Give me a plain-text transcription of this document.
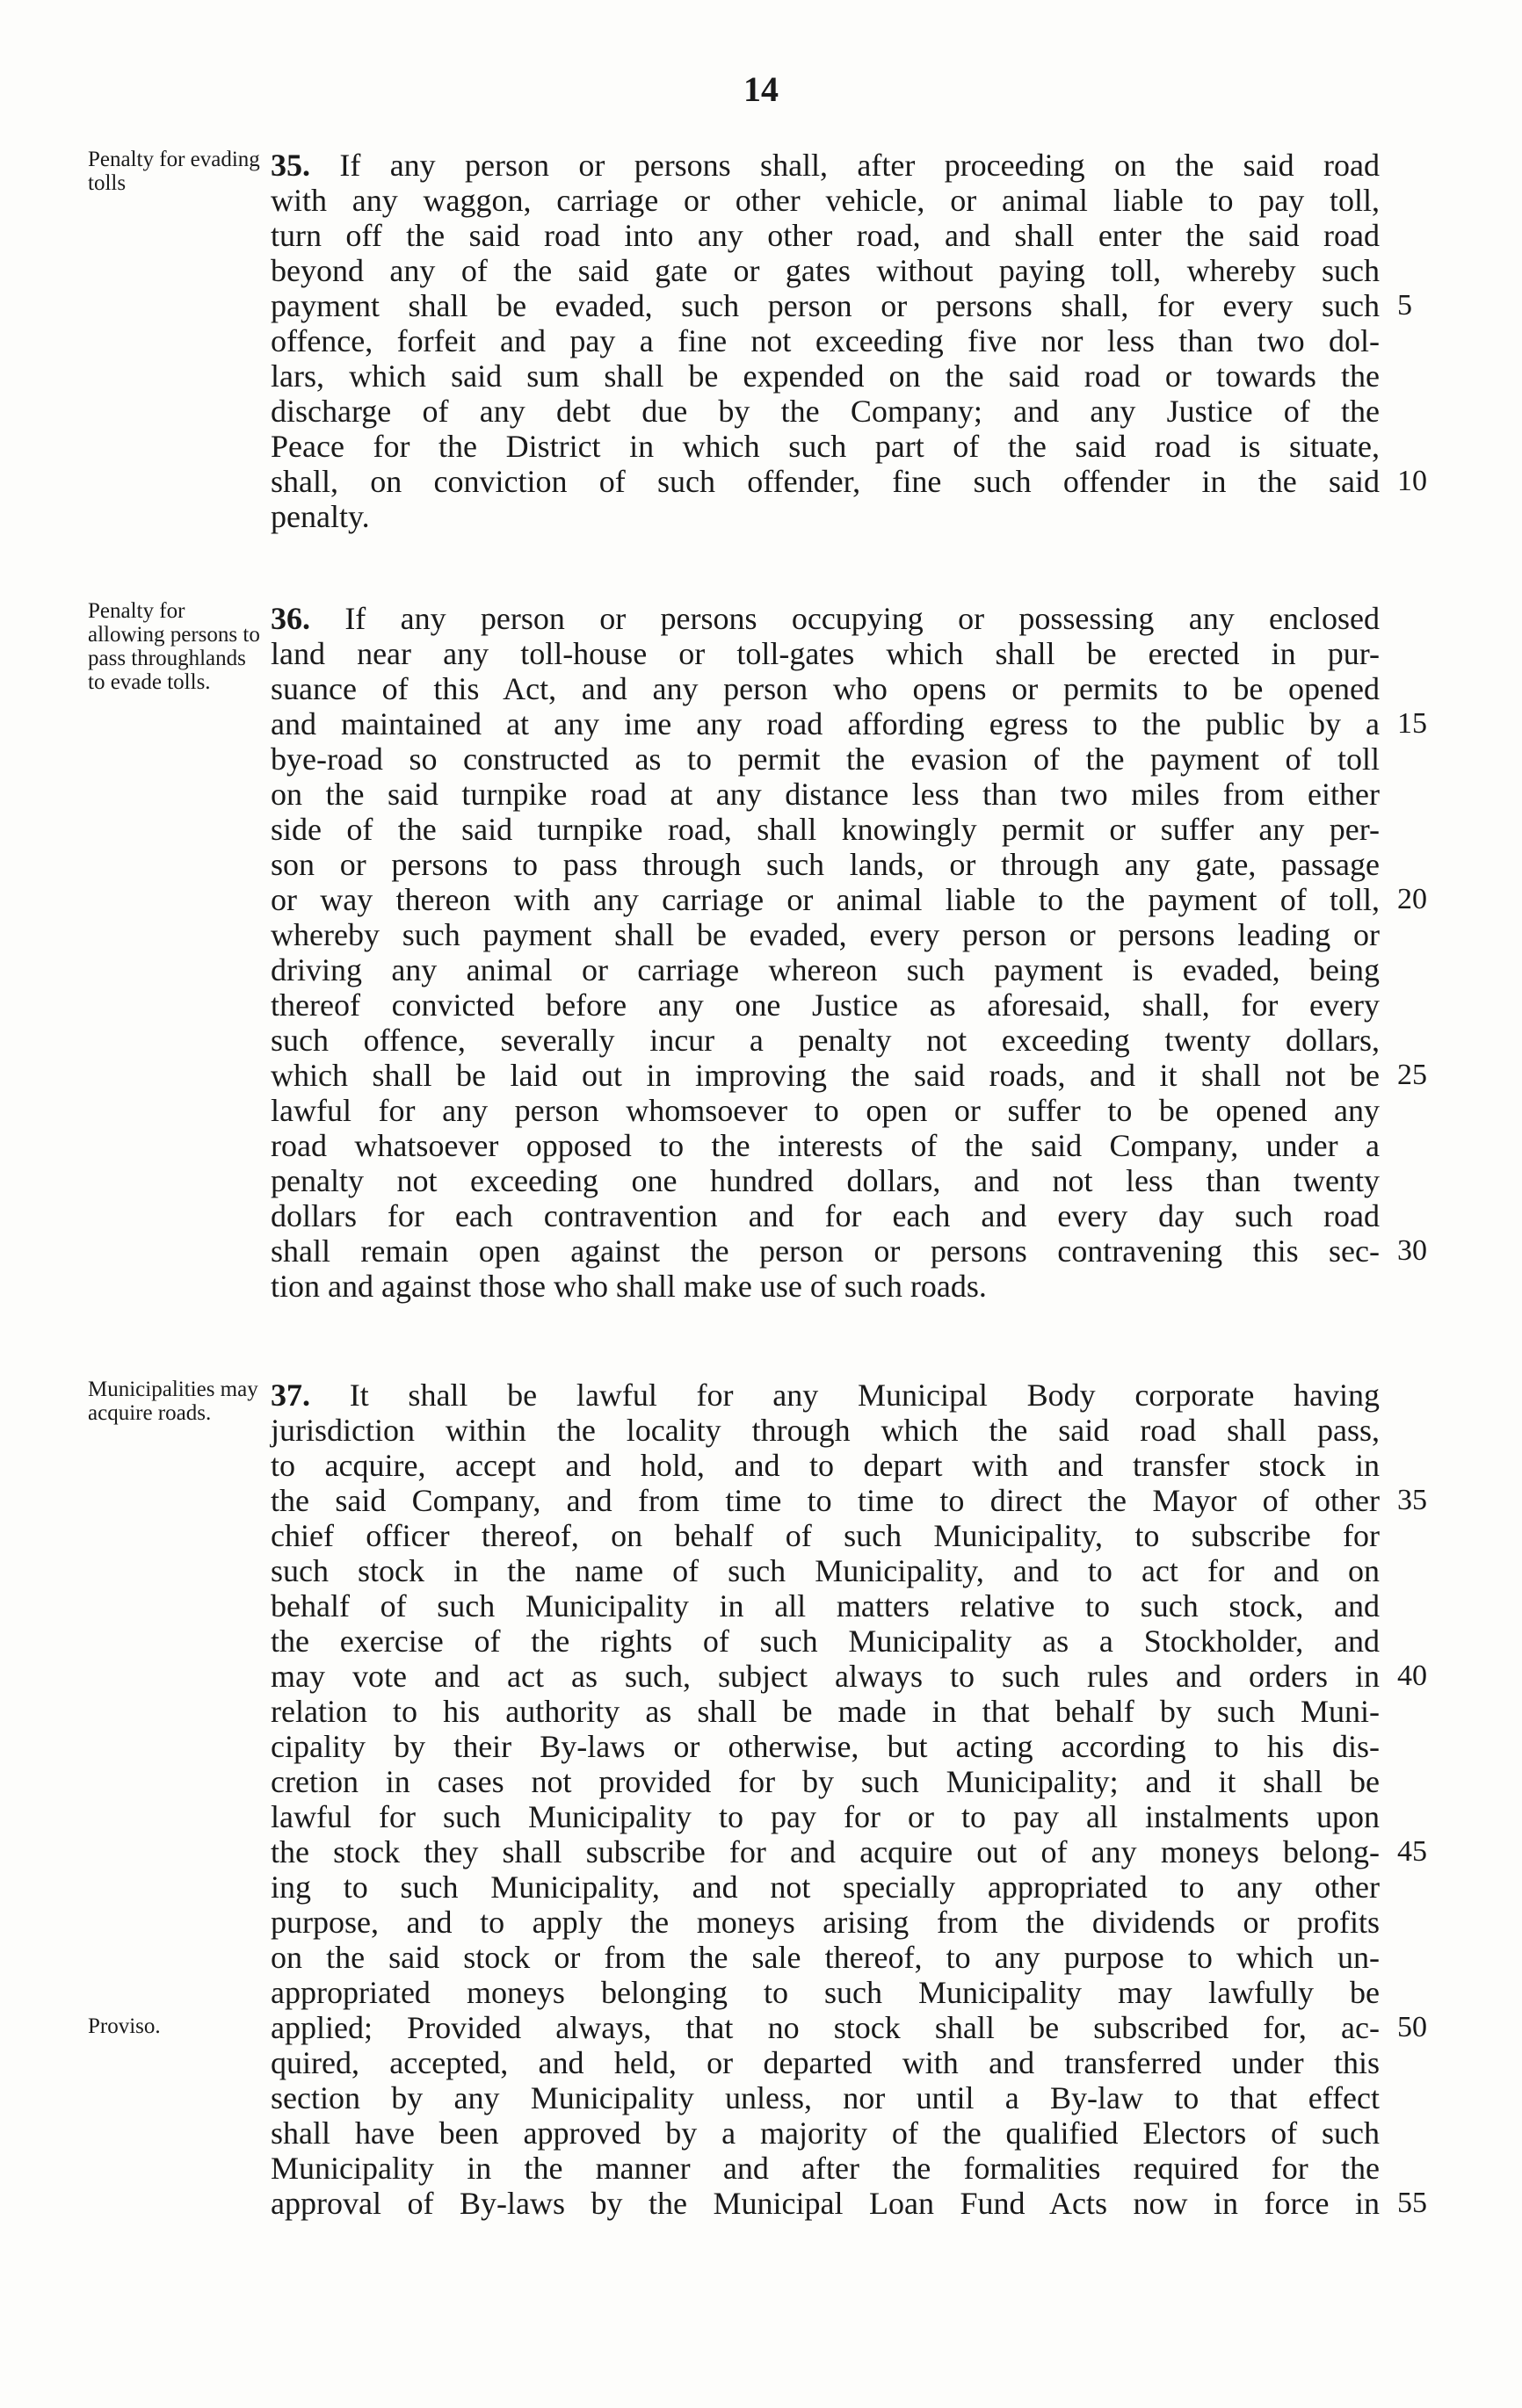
14
Penalty for evading tolls
35. If any person or persons shall, after proceeding on the said road
with any waggon, carriage or other vehicle, or animal liable to pay toll,
turn off the said road into any other road, and shall enter the said road
beyond any of the said gate or gates without paying toll, whereby such
payment shall be evaded, such person or persons shall, for every such
offence, forfeit and pay a fine not exceeding five nor less than two dol-
lars, which said sum shall be expended on the said road or towards the
discharge of any debt due by the Company; and any Justice of the
Peace for the District in which such part of the said road is situate,
shall, on conviction of such offender, fine such offender in the said
penalty.
Penalty for allowing persons to pass throughlands to evade tolls.
36. If any person or persons occupying or possessing any enclosed
land near any toll-house or toll-gates which shall be erected in pur-
suance of this Act, and any person who opens or permits to be opened
and maintained at any ime any road affording egress to the public by a
bye-road so constructed as to permit the evasion of the payment of toll
on the said turnpike road at any distance less than two miles from either
side of the said turnpike road, shall knowingly permit or suffer any per-
son or persons to pass through such lands, or through any gate, passage
or way thereon with any carriage or animal liable to the payment of toll,
whereby such payment shall be evaded, every person or persons leading or
driving any animal or carriage whereon such payment is evaded, being
thereof convicted before any one Justice as aforesaid, shall, for every
such offence, severally incur a penalty not exceeding twenty dollars,
which shall be laid out in improving the said roads, and it shall not be
lawful for any person whomsoever to open or suffer to be opened any
road whatsoever opposed to the interests of the said Company, under a
penalty not exceeding one hundred dollars, and not less than twenty
dollars for each contravention and for each and every day such road
shall remain open against the person or persons contravening this sec-
tion and against those who shall make use of such roads.
Municipalities may acquire roads.
Proviso.
37. It shall be lawful for any Municipal Body corporate having
jurisdiction within the locality through which the said road shall pass,
to acquire, accept and hold, and to depart with and transfer stock in
the said Company, and from time to time to direct the Mayor of other
chief officer thereof, on behalf of such Municipality, to subscribe for
such stock in the name of such Municipality, and to act for and on
behalf of such Municipality in all matters relative to such stock, and
the exercise of the rights of such Municipality as a Stockholder, and
may vote and act as such, subject always to such rules and orders in
relation to his authority as shall be made in that behalf by such Muni-
cipality by their By-laws or otherwise, but acting according to his dis-
cretion in cases not provided for by such Municipality; and it shall be
lawful for such Municipality to pay for or to pay all instalments upon
the stock they shall subscribe for and acquire out of any moneys belong-
ing to such Municipality, and not specially appropriated to any other
purpose, and to apply the moneys arising from the dividends or profits
on the said stock or from the sale thereof, to any purpose to which un-
appropriated moneys belonging to such Municipality may lawfully be
applied; Provided always, that no stock shall be subscribed for, ac-
quired, accepted, and held, or departed with and transferred under this
section by any Municipality unless, nor until a By-law to that effect
shall have been approved by a majority of the qualified Electors of such
Municipality in the manner and after the formalities required for the
approval of By-laws by the Municipal Loan Fund Acts now in force in
5
10
15
20
25
30
35
40
45
50
55
